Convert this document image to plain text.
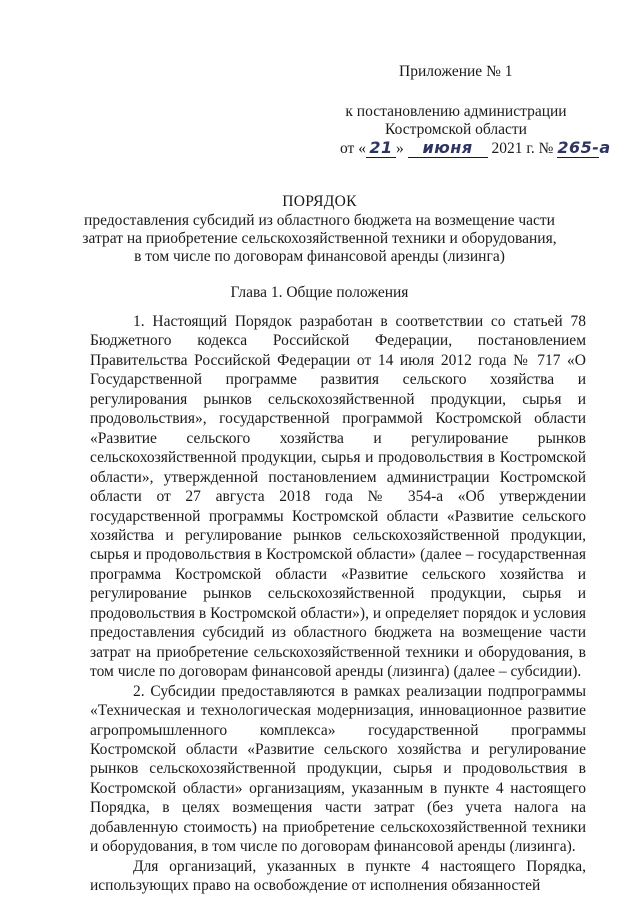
Приложение № 1
к постановлению администрации
Костромской области
от « 21 » июня 2021 г. № 265-а
ПОРЯДОК
предоставления субсидий из областного бюджета на возмещение части
затрат на приобретение сельскохозяйственной техники и оборудования,
в том числе по договорам финансовой аренды (лизинга)
Глава 1. Общие положения

1. Настоящий Порядок разработан в соответствии со статьей 78 Бюджетного кодекса Российской Федерации, постановлением Правительства Российской Федерации от 14 июля 2012 года № 717 «О Государственной программе развития сельского хозяйства и регулирования рынков сельскохозяйственной продукции, сырья и продовольствия», государственной программой Костромской области «Развитие сельского хозяйства и регулирование рынков сельскохозяйственной продукции, сырья и продовольствия в Костромской области», утвержденной постановлением администрации Костромской области от 27 августа 2018 года № 354-а «Об утверждении государственной программы Костромской области «Развитие сельского хозяйства и регулирование рынков сельскохозяйственной продукции, сырья и продовольствия в Костромской области» (далее – государственная программа Костромской области «Развитие сельского хозяйства и регулирование рынков сельскохозяйственной продукции, сырья и продовольствия в Костромской области»), и определяет порядок и условия предоставления субсидий из областного бюджета на возмещение части затрат на приобретение сельскохозяйственной техники и оборудования, в том числе по договорам финансовой аренды (лизинга) (далее – субсидии).

2. Субсидии предоставляются в рамках реализации подпрограммы «Техническая и технологическая модернизация, инновационное развитие агропромышленного комплекса» государственной программы Костромской области «Развитие сельского хозяйства и регулирование рынков сельскохозяйственной продукции, сырья и продовольствия в Костромской области» организациям, указанным в пункте 4 настоящего Порядка, в целях возмещения части затрат (без учета налога на добавленную стоимость) на приобретение сельскохозяйственной техники и оборудования, в том числе по договорам финансовой аренды (лизинга).

Для организаций, указанных в пункте 4 настоящего Порядка, использующих право на освобождение от исполнения обязанностей
